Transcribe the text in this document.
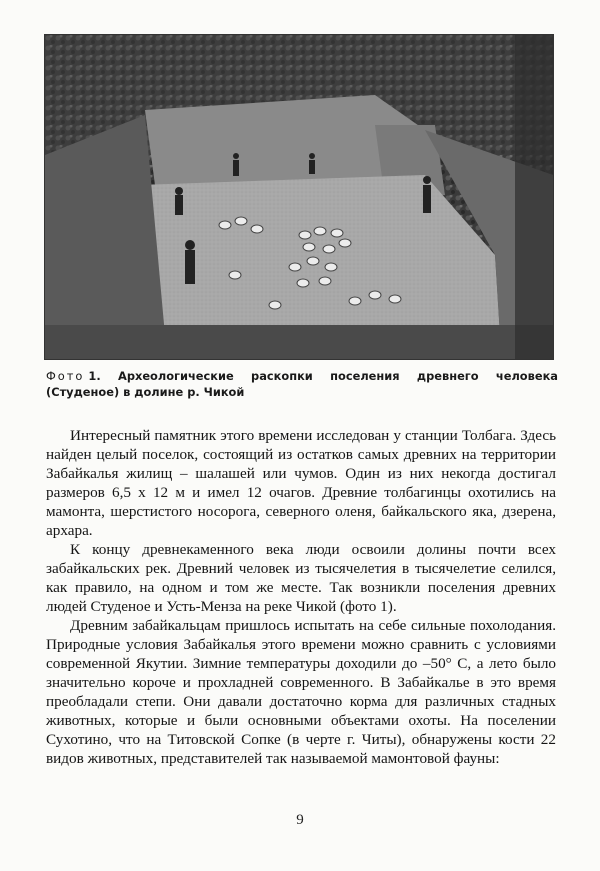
Фото 1. Археологические раскопки поселения древнего человека (Студеное) в долине р. Чикой

Интересный памятник этого времени исследован у станции Толбага. Здесь найден целый поселок, состоящий из остатков самых древних на территории Забайкалья жилищ – шалашей или чумов. Один из них некогда достигал размеров 6,5 х 12 м и имел 12 очагов. Древние толбагинцы охотились на мамонта, шерстистого носорога, северного оленя, байкальского яка, дзерена, архара.

К концу древнекаменного века люди освоили долины почти всех забайкальских рек. Древний человек из тысячелетия в тысячелетие селился, как правило, на одном и том же месте. Так возникли поселения древних людей Студеное и Усть-Менза на реке Чикой (фото 1).

Древним забайкальцам пришлось испытать на себе сильные похолодания. Природные условия Забайкалья этого времени можно сравнить с условиями современной Якутии. Зимние температуры доходили до –50° С, а лето было значительно короче и прохладней современного. В Забайкалье в это время преобладали степи. Они давали достаточно корма для различных стадных животных, которые и были основными объектами охоты. На поселении Сухотино, что на Титовской Сопке (в черте г. Читы), обнаружены кости 22 видов животных, представителей так называемой мамонтовой фауны:

9
